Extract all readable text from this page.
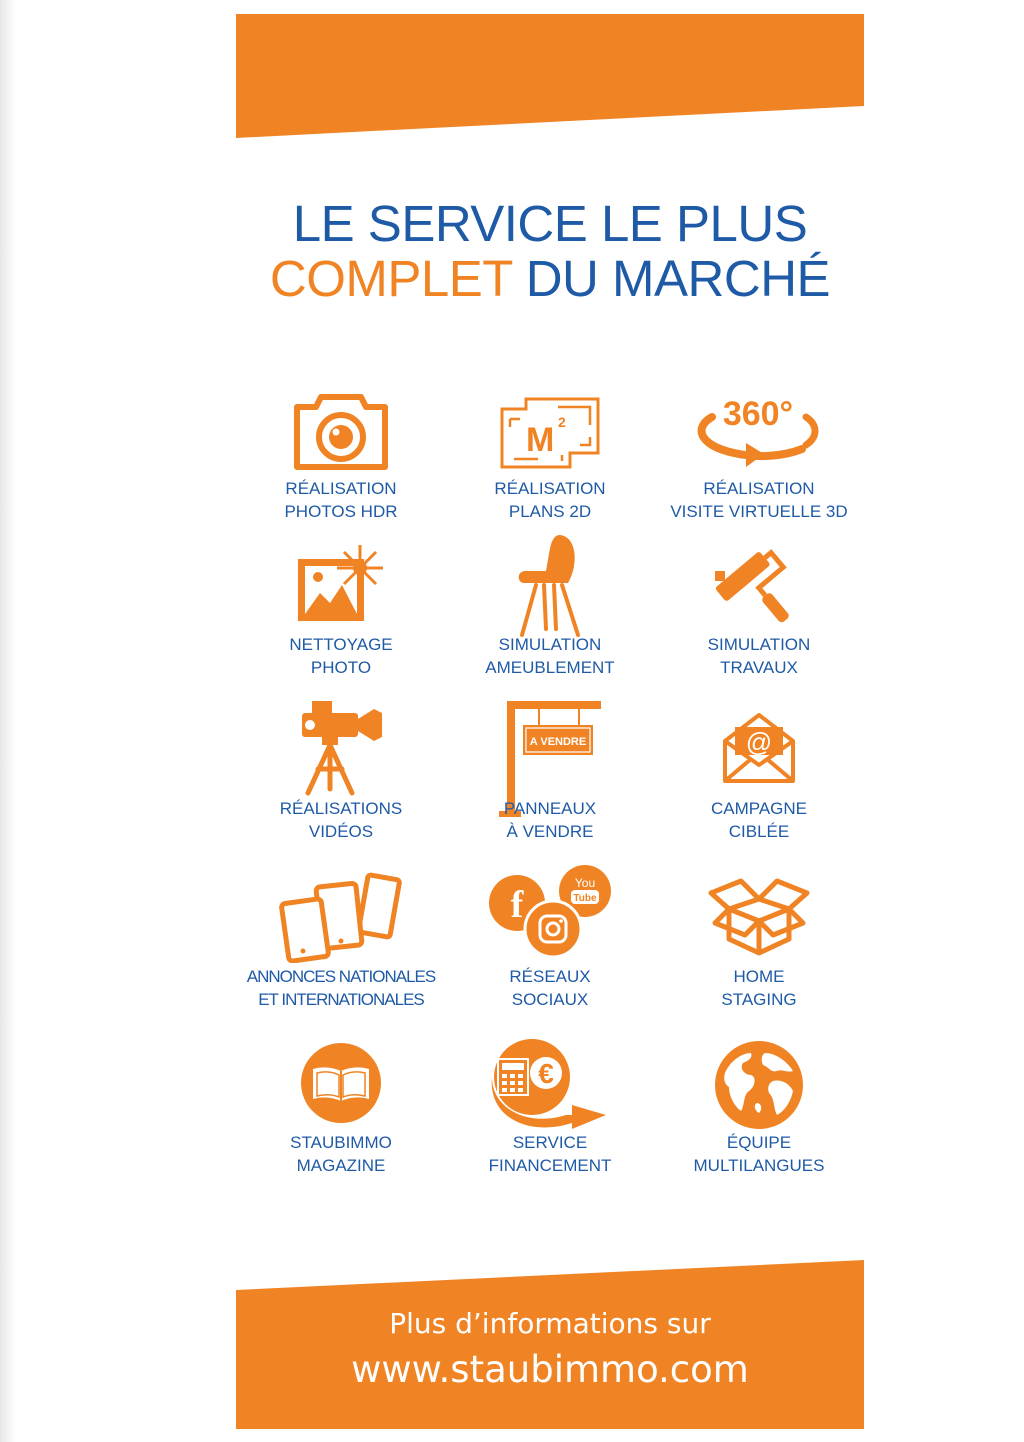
LE SERVICE LE PLUS
COMPLET DU MARCHÉ
RÉALISATION
PHOTOS HDR
M 2
RÉALISATION
PLANS 2D
360°
RÉALISATION
VISITE VIRTUELLE 3D
NETTOYAGE
PHOTO
SIMULATION
AMEUBLEMENT
SIMULATION
TRAVAUX
RÉALISATIONS
VIDÉOS
A VENDRE
PANNEAUX
À VENDRE
@
CAMPAGNE
CIBLÉE
ANNONCES NATIONALES
ET INTERNATIONALES
f
You
Tube
RÉSEAUX
SOCIAUX
HOME
STAGING
STAUBIMMO
MAGAZINE
€
SERVICE
FINANCEMENT
ÉQUIPE
MULTILANGUES
Plus d’informations sur
www.staubimmo.com
